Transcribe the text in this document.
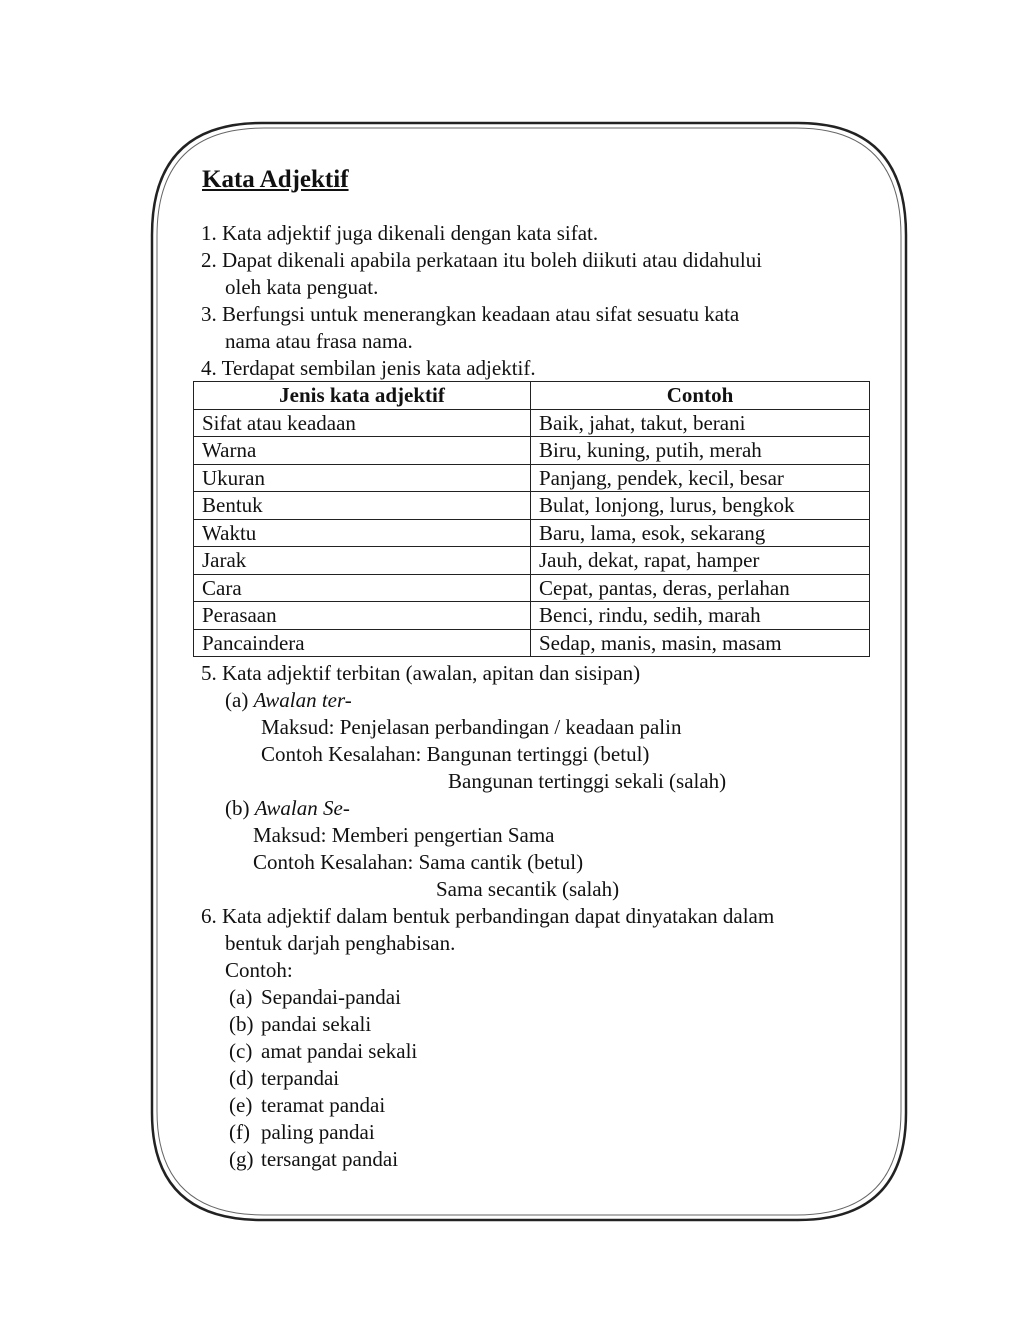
Kata Adjektif
1. Kata adjektif juga dikenali dengan kata sifat.
2. Dapat dikenali apabila perkataan itu boleh diikuti atau didahului
oleh kata penguat.
3. Berfungsi untuk menerangkan keadaan atau sifat sesuatu kata
nama atau frasa nama.
4. Terdapat sembilan jenis kata adjektif.
Jenis kata adjektif	Contoh
Sifat atau keadaan	Baik, jahat, takut, berani
Warna	Biru, kuning, putih, merah
Ukuran	Panjang, pendek, kecil, besar
Bentuk	Bulat, lonjong, lurus, bengkok
Waktu	Baru, lama, esok, sekarang
Jarak	Jauh, dekat, rapat, hamper
Cara	Cepat, pantas, deras, perlahan
Perasaan	Benci, rindu, sedih, marah
Pancaindera	Sedap, manis, masin, masam
5. Kata adjektif terbitan (awalan, apitan dan sisipan)
(a) Awalan ter-
Maksud: Penjelasan perbandingan / keadaan palin
Contoh Kesalahan: Bangunan tertinggi (betul)
Bangunan tertinggi sekali (salah)
(b) Awalan Se-
Maksud: Memberi pengertian Sama
Contoh Kesalahan: Sama cantik (betul)
Sama secantik (salah)
6. Kata adjektif dalam bentuk perbandingan dapat dinyatakan dalam
bentuk darjah penghabisan.
Contoh:
(a) Sepandai-pandai
(b) pandai sekali
(c) amat pandai sekali
(d) terpandai
(e) teramat pandai
(f) paling pandai
(g) tersangat pandai
